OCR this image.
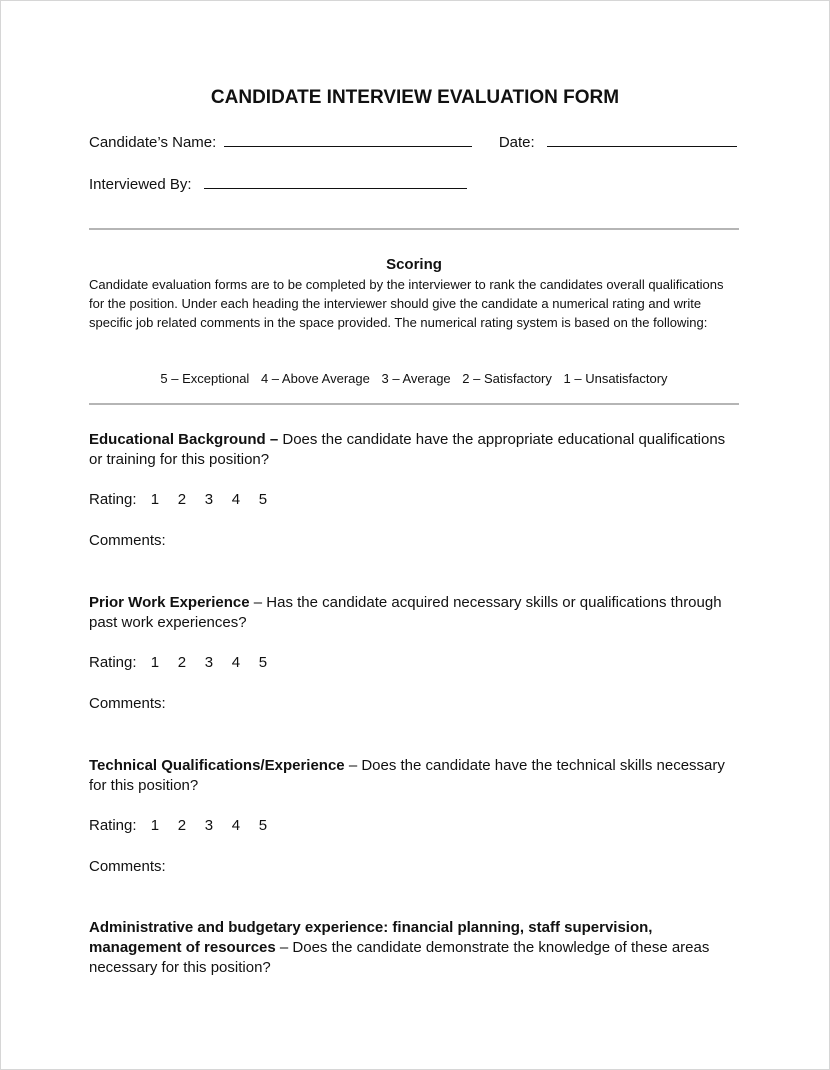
CANDIDATE INTERVIEW EVALUATION FORM
Candidate’s Name:	Date:
Interviewed By:
Scoring
Candidate evaluation forms are to be completed by the interviewer to rank the candidates overall qualifications for the position. Under each heading the interviewer should give the candidate a numerical rating and write specific job related comments in the space provided. The numerical rating system is based on the following:
5 – Exceptional 4 – Above Average 3 – Average 2 – Satisfactory 1 – Unsatisfactory
Educational Background – Does the candidate have the appropriate educational qualifications or training for this position?
Rating: 1 2 3 4 5
Comments:
Prior Work Experience – Has the candidate acquired necessary skills or qualifications through past work experiences?
Rating: 1 2 3 4 5
Comments:
Technical Qualifications/Experience – Does the candidate have the technical skills necessary for this position?
Rating: 1 2 3 4 5
Comments:
Administrative and budgetary experience: financial planning, staff supervision, management of resources – Does the candidate demonstrate the knowledge of these areas necessary for this position?
